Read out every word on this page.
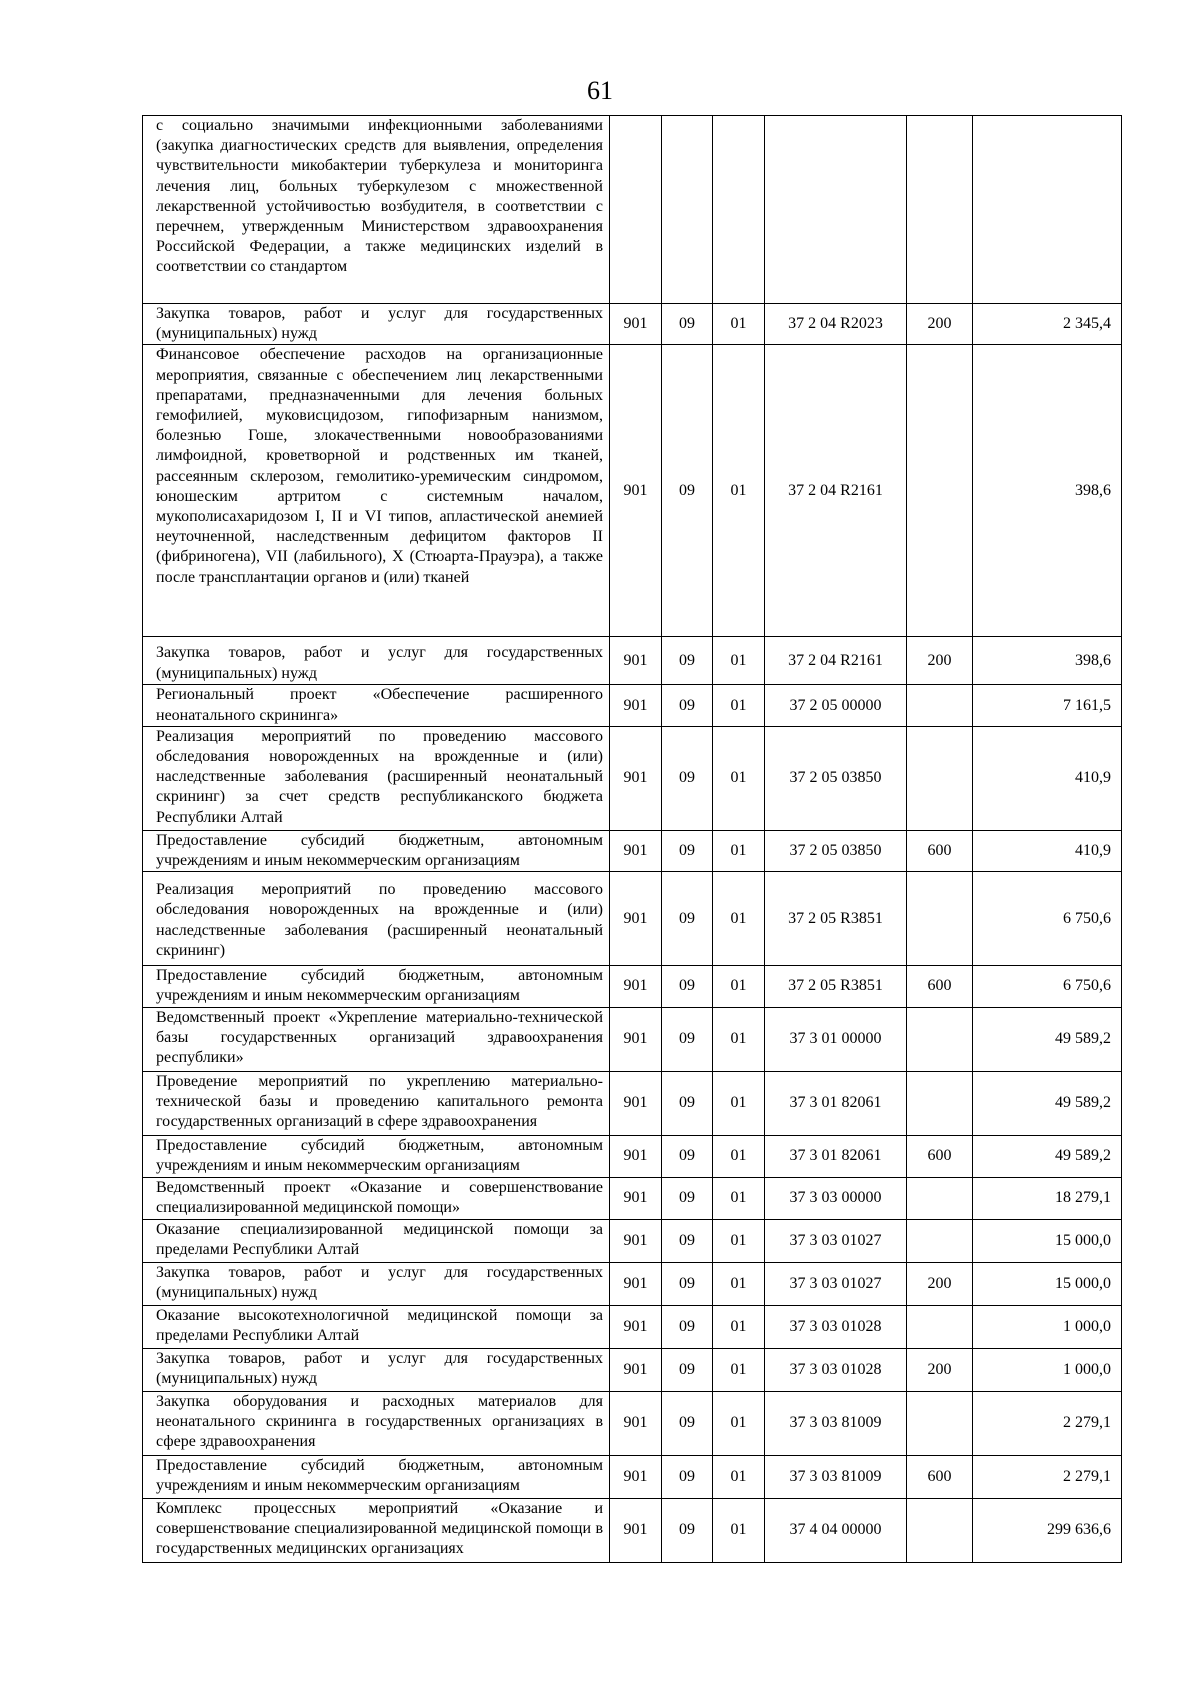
61
с социально значимыми инфекционными заболеваниями (закупка диагностических средств для выявления, определения чувствительности микобактерии туберкулеза и мониторинга лечения лиц, больных туберкулезом с множественной лекарственной устойчивостью возбудителя, в соответствии с перечнем, утвержденным Министерством здравоохранения Российской Федерации, а также медицинских изделий в соответствии со стандартом						
Закупка товаров, работ и услуг для государственных (муниципальных) нужд	901	09	01	37 2 04 R2023	200	2 345,4
Финансовое обеспечение расходов на организационные мероприятия, связанные с обеспечением лиц лекарственными препаратами, предназначенными для лечения больных гемофилией, муковисцидозом, гипофизарным нанизмом, болезнью Гоше, злокачественными новообразованиями лимфоидной, кроветворной и родственных им тканей, рассеянным склерозом, гемолитико-уремическим синдромом, юношеским артритом с системным началом, мукополисахаридозом I, II и VI типов, апластической анемией неуточненной, наследственным дефицитом факторов II (фибриногена), VII (лабильного), X (Стюарта-Прауэра), а также после трансплантации органов и (или) тканей	901	09	01	37 2 04 R2161		398,6
Закупка товаров, работ и услуг для государственных (муниципальных) нужд	901	09	01	37 2 04 R2161	200	398,6
Региональный проект «Обеспечение расширенного неонатального скрининга»	901	09	01	37 2 05 00000		7 161,5
Реализация мероприятий по проведению массового обследования новорожденных на врожденные и (или) наследственные заболевания (расширенный неонатальный скрининг) за счет средств республиканского бюджета Республики Алтай	901	09	01	37 2 05 03850		410,9
Предоставление субсидий бюджетным, автономным учреждениям и иным некоммерческим организациям	901	09	01	37 2 05 03850	600	410,9
Реализация мероприятий по проведению массового обследования новорожденных на врожденные и (или) наследственные заболевания (расширенный неонатальный скрининг)	901	09	01	37 2 05 R3851		6 750,6
Предоставление субсидий бюджетным, автономным учреждениям и иным некоммерческим организациям	901	09	01	37 2 05 R3851	600	6 750,6
Ведомственный проект «Укрепление материально-технической базы государственных организаций здравоохранения республики»	901	09	01	37 3 01 00000		49 589,2
Проведение мероприятий по укреплению материально-технической базы и проведению капитального ремонта государственных организаций в сфере здравоохранения	901	09	01	37 3 01 82061		49 589,2
Предоставление субсидий бюджетным, автономным учреждениям и иным некоммерческим организациям	901	09	01	37 3 01 82061	600	49 589,2
Ведомственный проект «Оказание и совершенствование специализированной медицинской помощи»	901	09	01	37 3 03 00000		18 279,1
Оказание специализированной медицинской помощи за пределами Республики Алтай	901	09	01	37 3 03 01027		15 000,0
Закупка товаров, работ и услуг для государственных (муниципальных) нужд	901	09	01	37 3 03 01027	200	15 000,0
Оказание высокотехнологичной медицинской помощи за пределами Республики Алтай	901	09	01	37 3 03 01028		1 000,0
Закупка товаров, работ и услуг для государственных (муниципальных) нужд	901	09	01	37 3 03 01028	200	1 000,0
Закупка оборудования и расходных материалов для неонатального скрининга в государственных организациях в сфере здравоохранения	901	09	01	37 3 03 81009		2 279,1
Предоставление субсидий бюджетным, автономным учреждениям и иным некоммерческим организациям	901	09	01	37 3 03 81009	600	2 279,1
Комплекс процессных мероприятий «Оказание и совершенствование специализированной медицинской помощи в государственных медицинских организациях	901	09	01	37 4 04 00000		299 636,6
